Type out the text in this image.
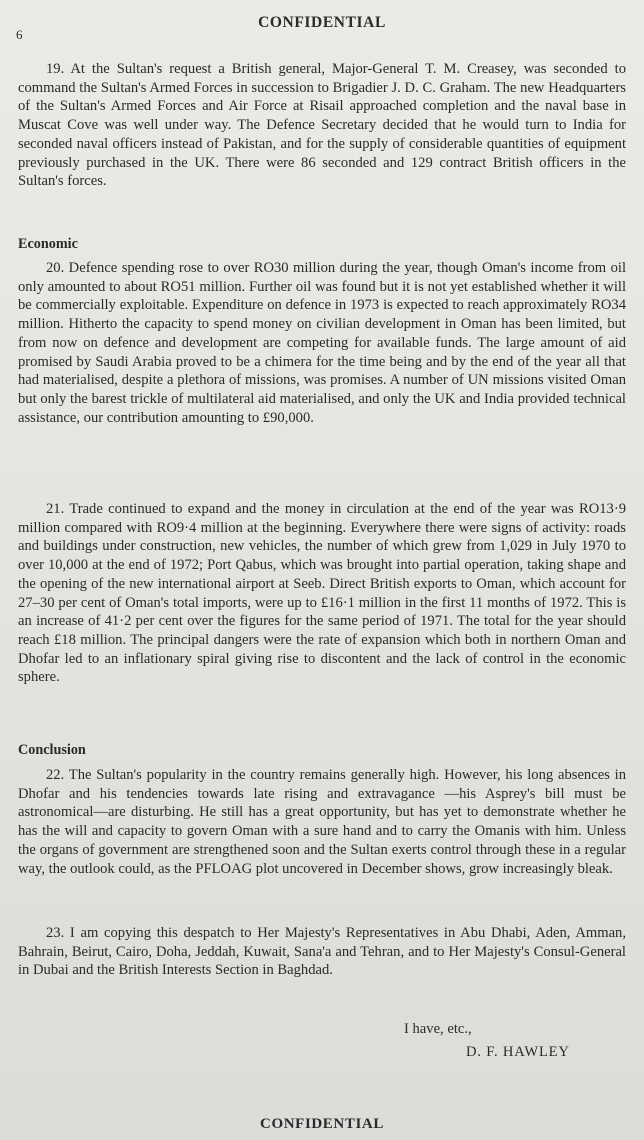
6
CONFIDENTIAL

19. At the Sultan's request a British general, Major-General T. M. Creasey, was seconded to command the Sultan's Armed Forces in succession to Brigadier J. D. C. Graham. The new Headquarters of the Sultan's Armed Forces and Air Force at Risail approached completion and the naval base in Muscat Cove was well under way. The Defence Secretary decided that he would turn to India for seconded naval officers instead of Pakistan, and for the supply of considerable quantities of equipment previously purchased in the UK. There were 86 seconded and 129 contract British officers in the Sultan's forces.

Economic

20. Defence spending rose to over RO30 million during the year, though Oman's income from oil only amounted to about RO51 million. Further oil was found but it is not yet established whether it will be commercially exploitable. Expenditure on defence in 1973 is expected to reach approximately RO34 million. Hitherto the capacity to spend money on civilian development in Oman has been limited, but from now on defence and development are competing for available funds. The large amount of aid promised by Saudi Arabia proved to be a chimera for the time being and by the end of the year all that had materialised, despite a plethora of missions, was promises. A number of UN missions visited Oman but only the barest trickle of multilateral aid materialised, and only the UK and India provided technical assistance, our contribution amounting to £90,000.

21. Trade continued to expand and the money in circulation at the end of the year was RO13·9 million compared with RO9·4 million at the beginning. Everywhere there were signs of activity: roads and buildings under construction, new vehicles, the number of which grew from 1,029 in July 1970 to over 10,000 at the end of 1972; Port Qabus, which was brought into partial operation, taking shape and the opening of the new international airport at Seeb. Direct British exports to Oman, which account for 27–30 per cent of Oman's total imports, were up to £16·1 million in the first 11 months of 1972. This is an increase of 41·2 per cent over the figures for the same period of 1971. The total for the year should reach £18 million. The principal dangers were the rate of expansion which both in northern Oman and Dhofar led to an inflationary spiral giving rise to discontent and the lack of control in the economic sphere.

Conclusion

22. The Sultan's popularity in the country remains generally high. However, his long absences in Dhofar and his tendencies towards late rising and extravagance —his Asprey's bill must be astronomical—are disturbing. He still has a great opportunity, but has yet to demonstrate whether he has the will and capacity to govern Oman with a sure hand and to carry the Omanis with him. Unless the organs of government are strengthened soon and the Sultan exerts control through these in a regular way, the outlook could, as the PFLOAG plot uncovered in December shows, grow increasingly bleak.

23. I am copying this despatch to Her Majesty's Representatives in Abu Dhabi, Aden, Amman, Bahrain, Beirut, Cairo, Doha, Jeddah, Kuwait, Sana'a and Tehran, and to Her Majesty's Consul-General in Dubai and the British Interests Section in Baghdad.

I have, etc.,
D. F. HAWLEY
CONFIDENTIAL
